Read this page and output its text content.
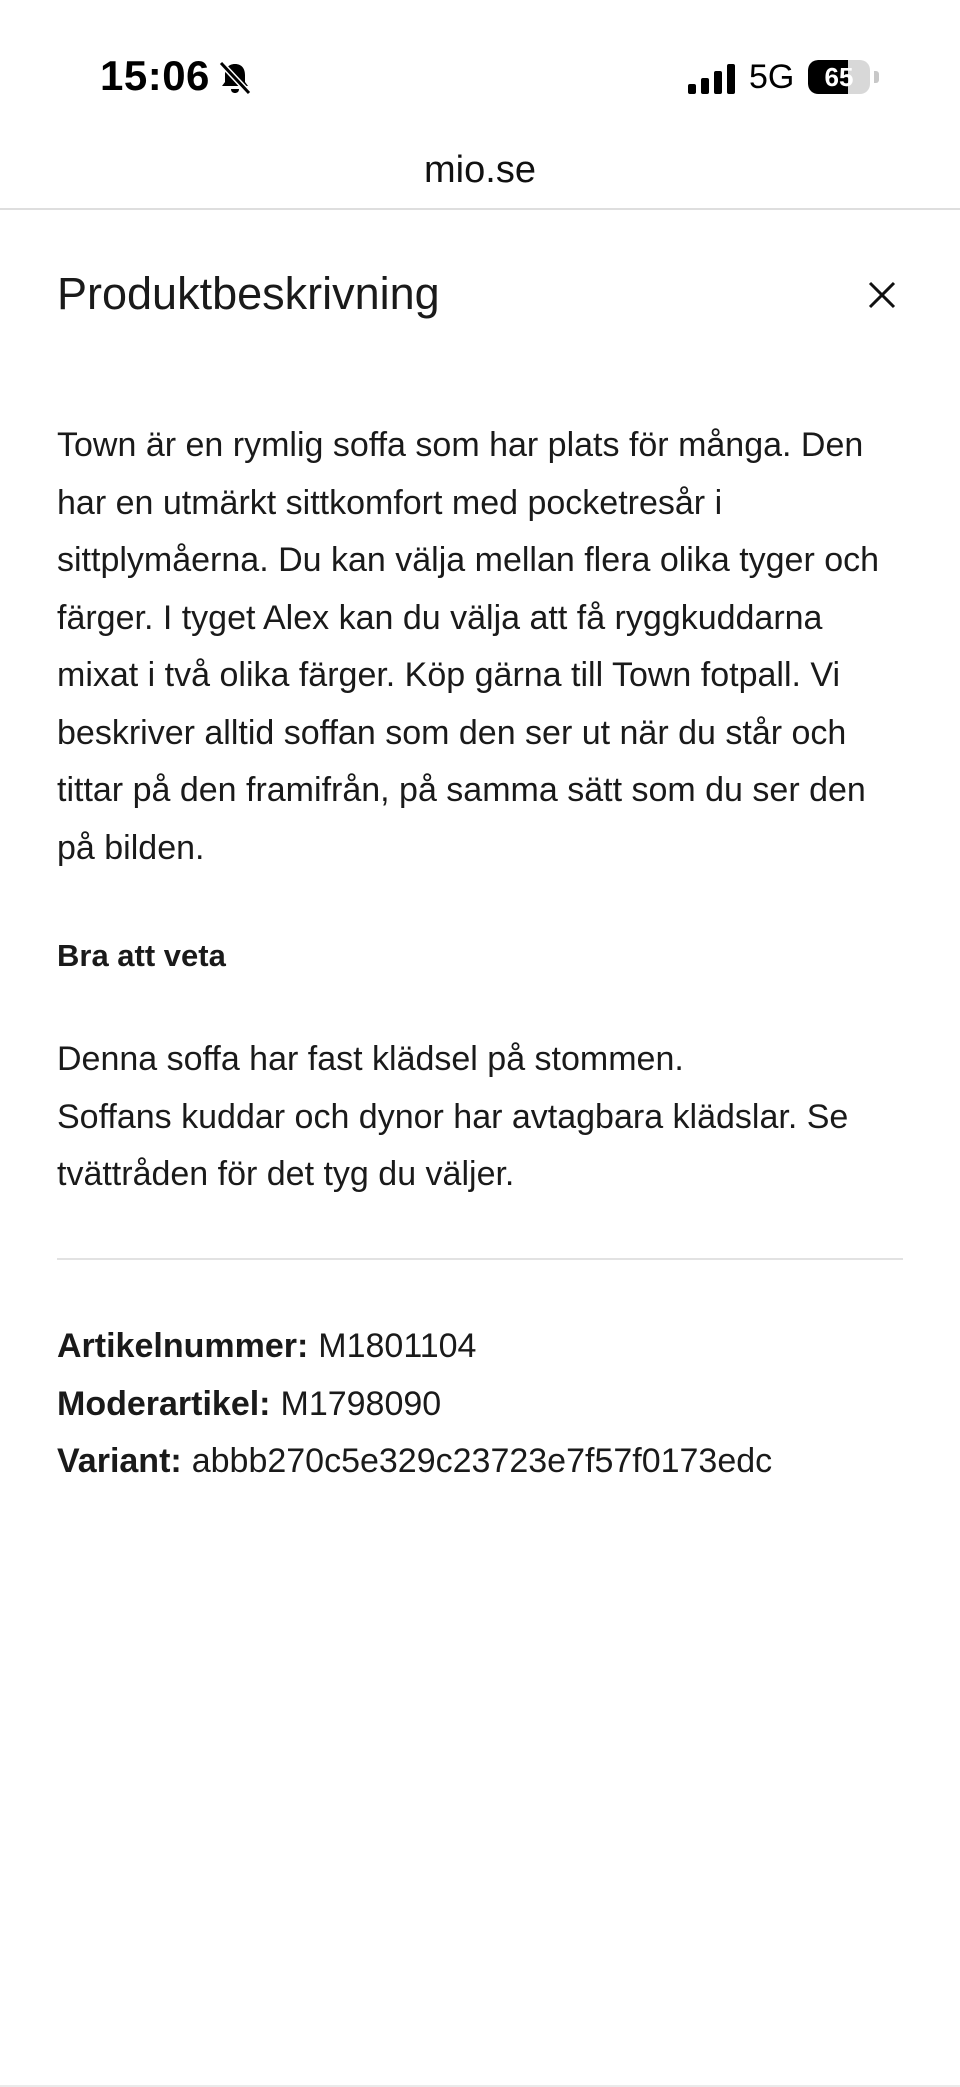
15:06	5G	65
mio.se
Produktbeskrivning

Town är en rymlig soffa som har plats för många. Den har en utmärkt sittkomfort med pocketresår i sittplymåerna. Du kan välja mellan flera olika tyger och färger. I tyget Alex kan du välja att få ryggkuddarna mixat i två olika färger. Köp gärna till Town fotpall. Vi beskriver alltid soffan som den ser ut när du står och tittar på den framifrån, på samma sätt som du ser den på bilden.

Bra att veta

Denna soffa har fast klädsel på stommen.

Soffans kuddar och dynor har avtagbara klädslar. Se tvättråden för det tyg du väljer.

Artikelnummer: M1801104
Moderartikel: M1798090
Variant: abbb270c5e329c23723e7f57f0173edc
